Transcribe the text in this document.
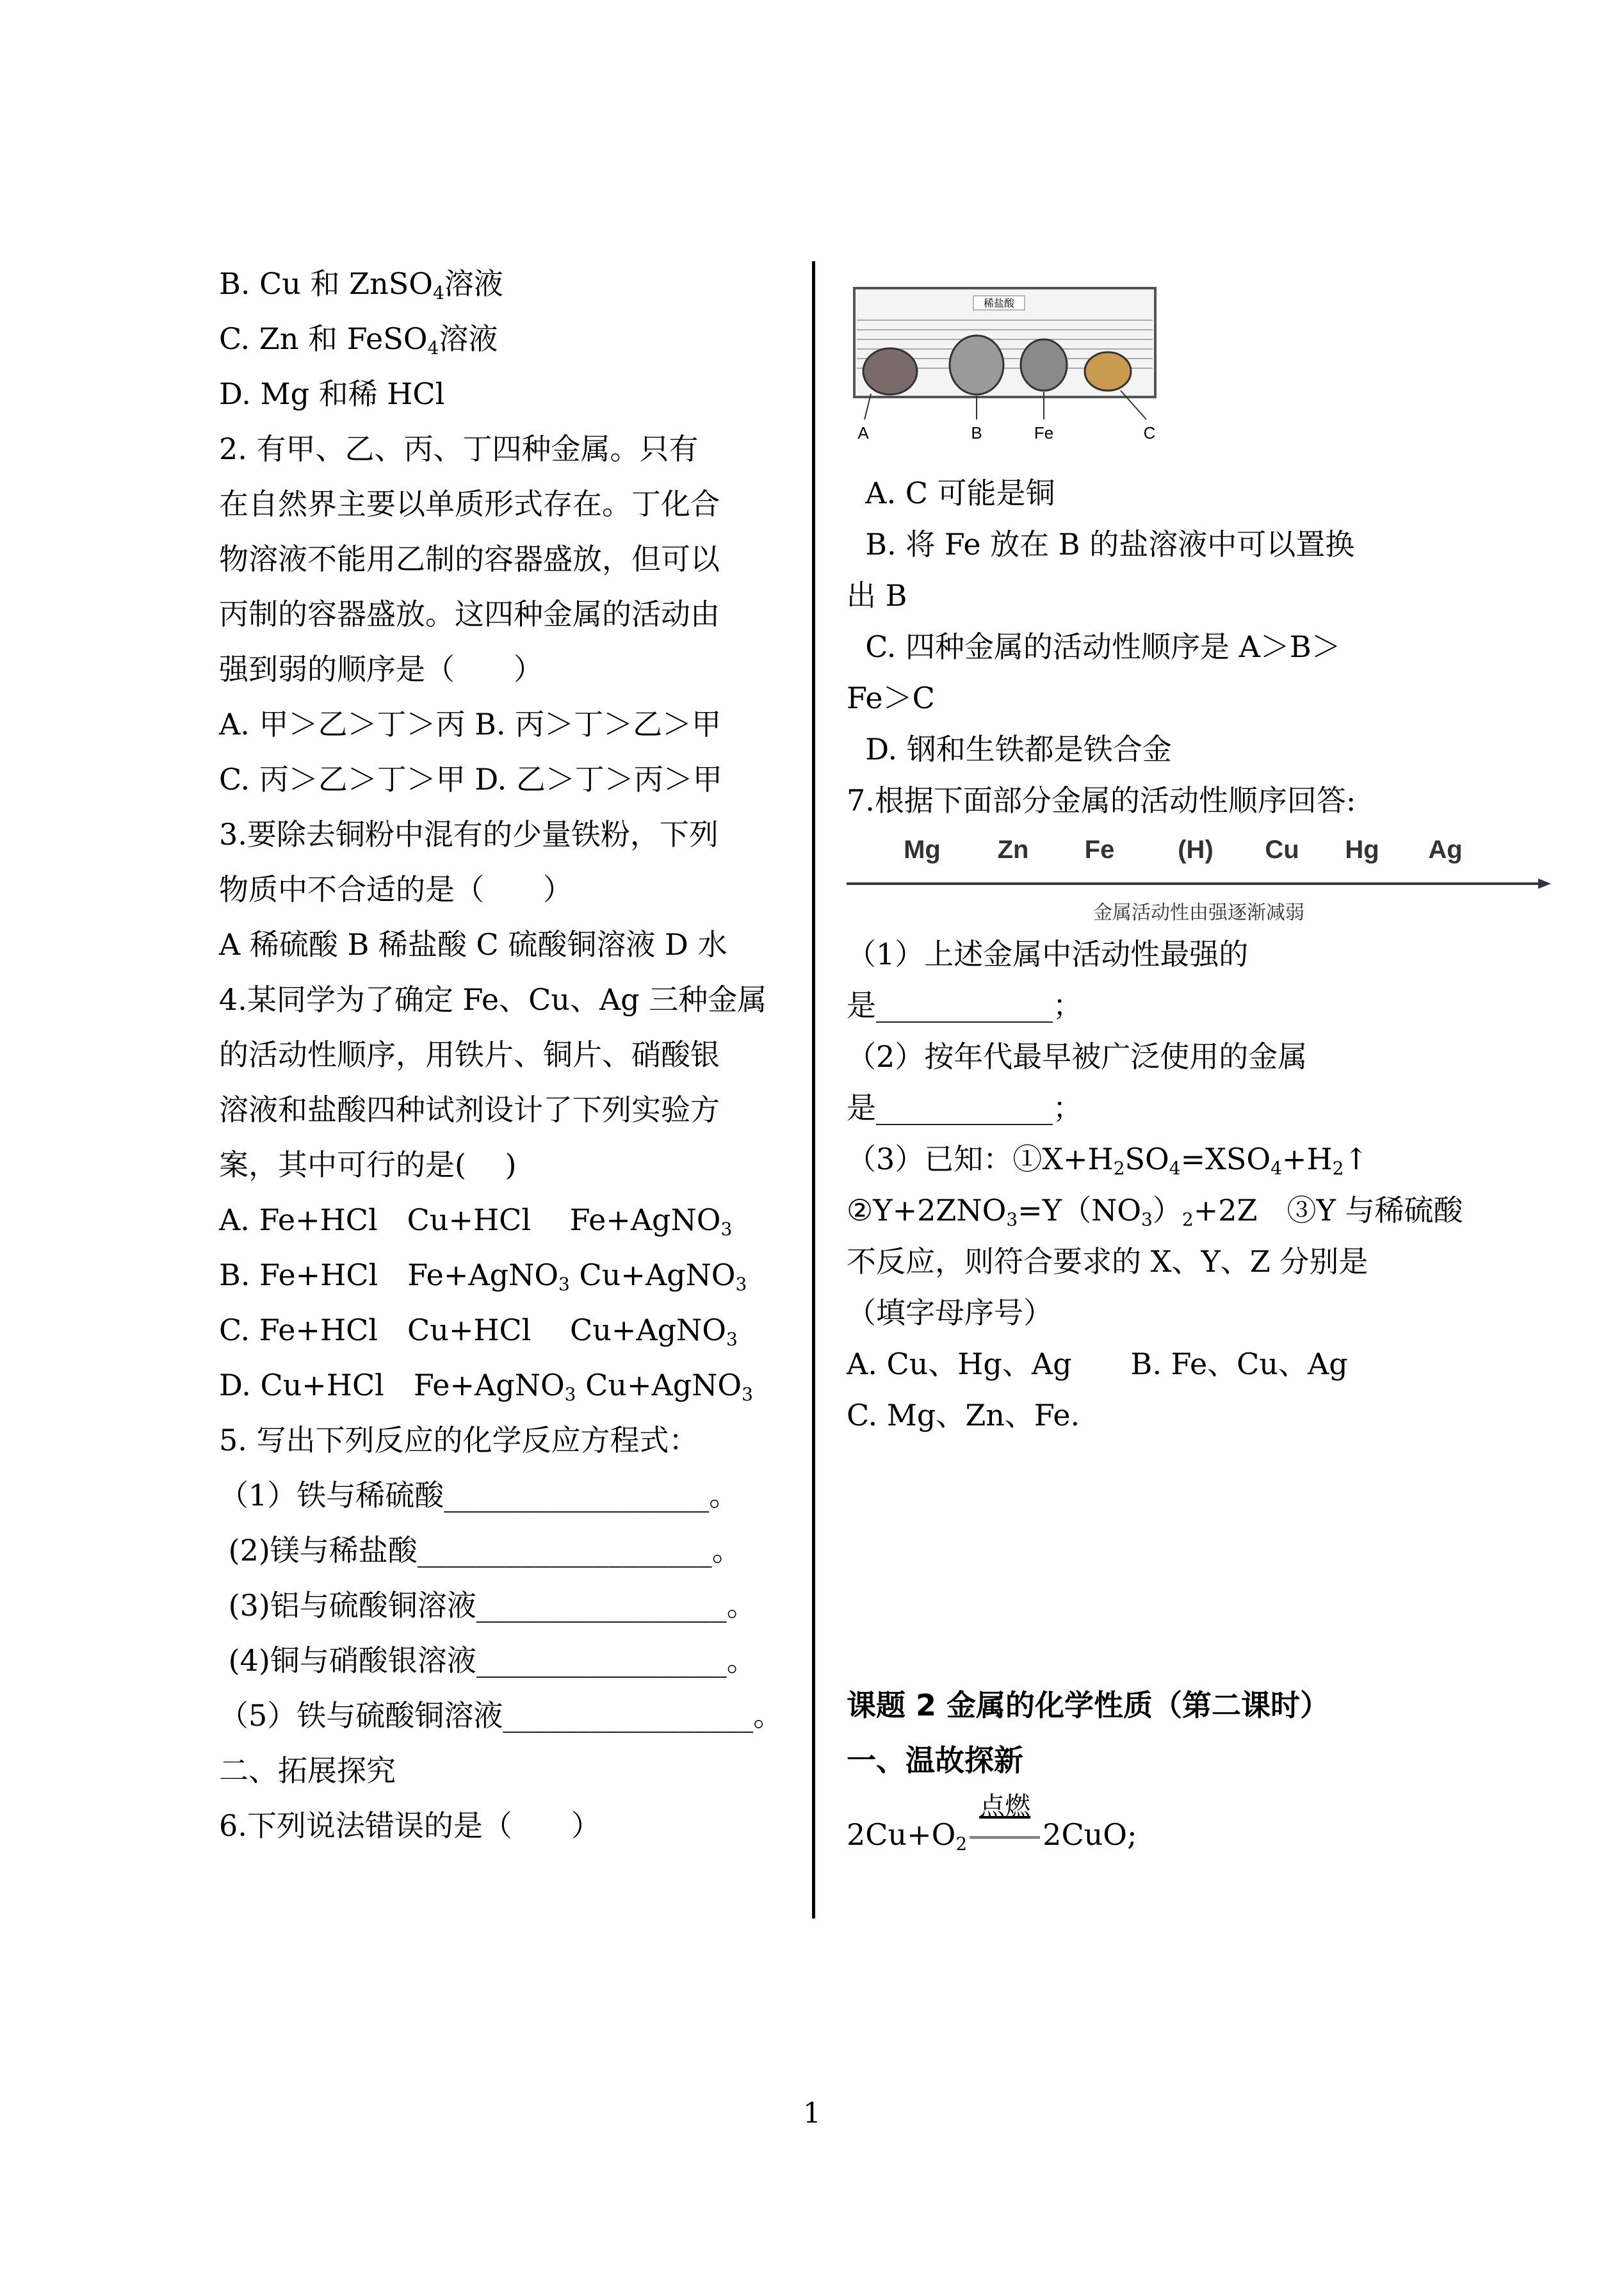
B. Cu 和 ZnSO$_4$溶液
C. Zn 和 FeSO$_4$溶液
D. Mg 和稀 HCl
2. 有甲、乙、丙、丁四种金属。只有
在自然界主要以单质形式存在。丁化合
物溶液不能用乙制的容器盛放，但可以
丙制的容器盛放。这四种金属的活动由
强到弱的顺序是（　　）
A. 甲＞乙＞丁＞丙 B. 丙＞丁＞乙＞甲
C. 丙＞乙＞丁＞甲 D. 乙＞丁＞丙＞甲
3.要除去铜粉中混有的少量铁粉，下列
物质中不合适的是（　　）
A 稀硫酸 B 稀盐酸 C 硫酸铜溶液 D 水
4.某同学为了确定 Fe、Cu、Ag 三种金属
的活动性顺序，用铁片、铜片、硝酸银
溶液和盐酸四种试剂设计了下列实验方
案，其中可行的是(　 )
A. Fe+HCl　Cu+HCl　 Fe+AgNO$_3$
B. Fe+HCl　Fe+AgNO$_3$ Cu+AgNO$_3$
C. Fe+HCl　Cu+HCl　 Cu+AgNO$_3$
D. Cu+HCl　Fe+AgNO$_3$ Cu+AgNO$_3$
5. 写出下列反应的化学反应方程式：
（1）铁与稀硫酸__________________。
(2)镁与稀盐酸____________________。
(3)铝与硫酸铜溶液_________________。
(4)铜与硝酸银溶液_________________。
（5）铁与硫酸铜溶液_________________。
二、拓展探究
6.下列说法错误的是（　　）
稀盐酸
A	B	Fe	C
A. C 可能是铜
B. 将 Fe 放在 B 的盐溶液中可以置换
出 B
C. 四种金属的活动性顺序是 A＞B＞
Fe＞C
D. 钢和生铁都是铁合金
7.根据下面部分金属的活动性顺序回答:
Mg Zn Fe (H) Cu Hg Ag
金属活动性由强逐渐减弱
（1）上述金属中活动性最强的
是____________；
（2）按年代最早被广泛使用的金属
是____________；
（3）已知：$①X+H_2SO_4=XSO_4+H_2↑$
$②Y+2ZNO_3=Y(NO_3)_2+2Z$　③Y 与稀硫酸
不反应，则符合要求的 X、Y、Z 分别是
（填字母序号）
A. Cu、Hg、Ag　　B. Fe、Cu、Ag
C. Mg、Zn、Fe.
课题 2 金属的化学性质（第二课时）
一、温故探新
$2Cu+O_2$
点燃
2CuO;
1
